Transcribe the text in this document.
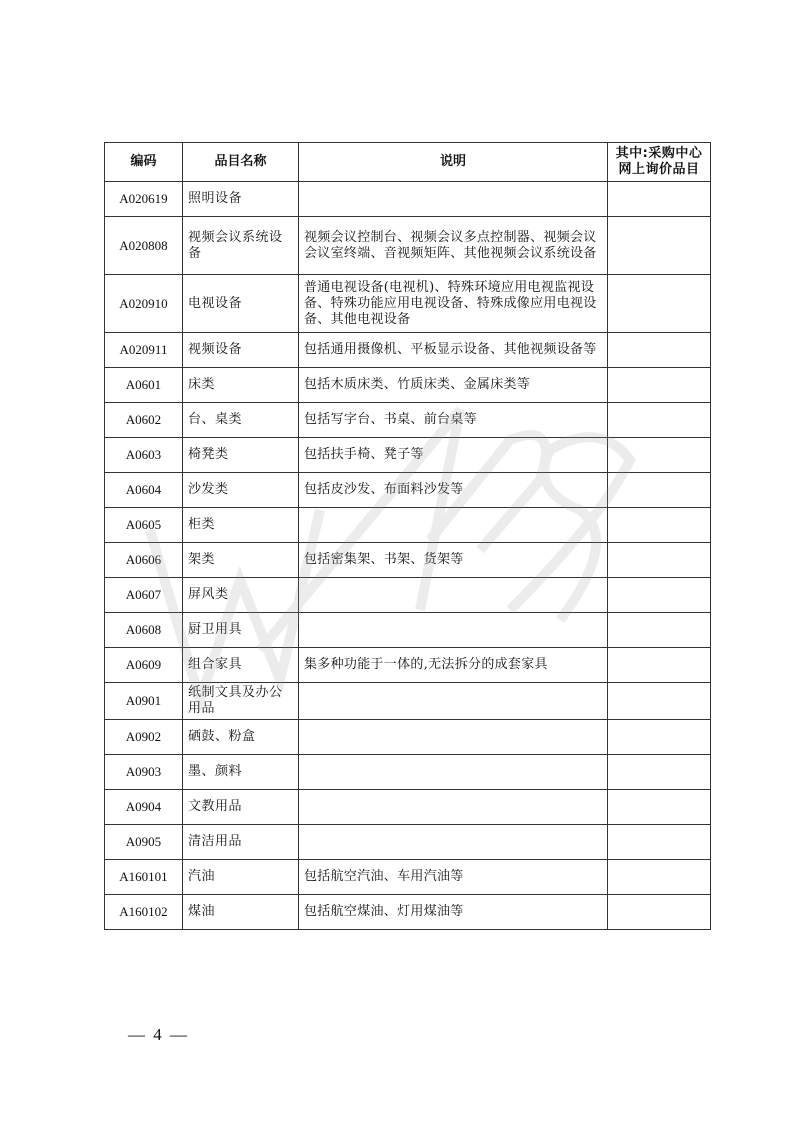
编码	品目名称	说明	其中:采购中心网上询价品目
A020619	照明设备		
A020808	视频会议系统设备	视频会议控制台、视频会议多点控制器、视频会议会议室终端、音视频矩阵、其他视频会议系统设备	
A020910	电视设备	普通电视设备(电视机)、特殊环境应用电视监视设备、特殊功能应用电视设备、特殊成像应用电视设备、其他电视设备	
A020911	视频设备	包括通用摄像机、平板显示设备、其他视频设备等	
A0601	床类	包括木质床类、竹质床类、金属床类等	
A0602	台、桌类	包括写字台、书桌、前台桌等	
A0603	椅凳类	包括扶手椅、凳子等	
A0604	沙发类	包括皮沙发、布面料沙发等	
A0605	柜类		
A0606	架类	包括密集架、书架、货架等	
A0607	屏风类		
A0608	厨卫用具		
A0609	组合家具	集多种功能于一体的,无法拆分的成套家具	
A0901	纸制文具及办公用品		
A0902	硒鼓、粉盒		
A0903	墨、颜料		
A0904	文教用品		
A0905	清洁用品		
A160101	汽油	包括航空汽油、车用汽油等	
A160102	煤油	包括航空煤油、灯用煤油等	
— 4 —
